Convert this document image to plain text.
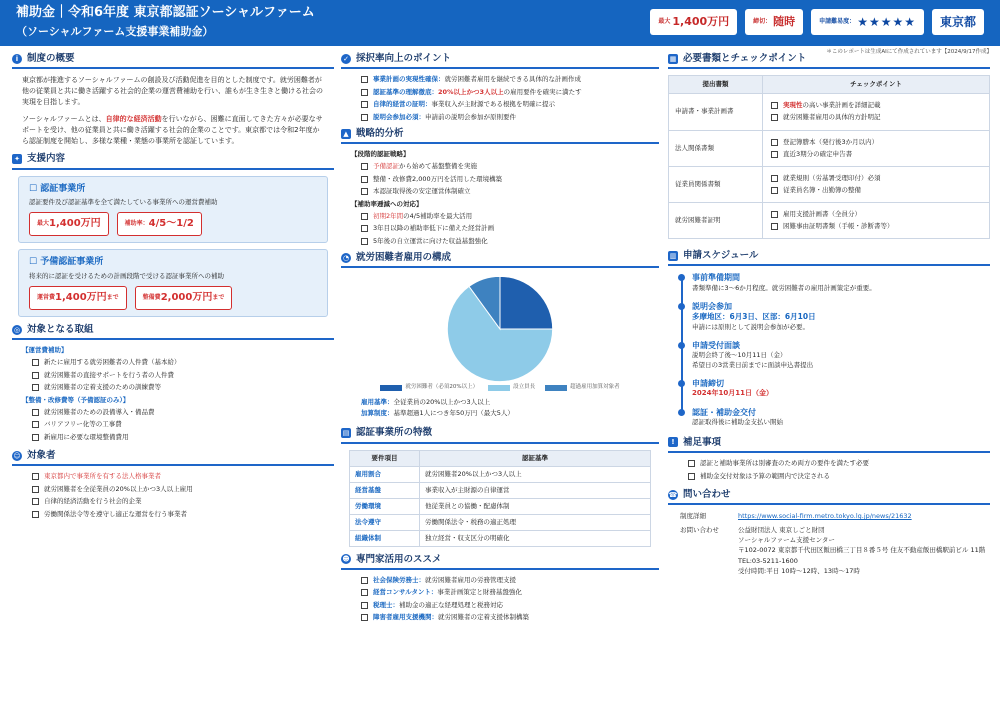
補助金｜令和6年度 東京都認証ソーシャルファーム
（ソーシャルファーム支援事業補助金）
最大 1,400万円	締切： 随時	申請難易度： ★★★★★	東京都
＊このレポートは生成AIにて作成されています【2024/9/17作成】
i 制度の概要

東京都が推進するソーシャルファームの創設及び活動促進を目的とした制度です。就労困難者が他の従業員と共に働き活躍する社会的企業の運営費補助を行い、誰もが生き生きと働ける社会の実現を目指します。

ソーシャルファームとは、自律的な経済活動を行いながら、困難に直面してきた方々が必要なサポートを受け、他の従業員と共に働き活躍する社会的企業のことです。東京都では令和2年度から認証制度を開始し、多様な業種・業態の事業所を認証しています。

✦ 支援内容
☐ 認証事業所
認証要件及び認証基準を全て満たしている事業所への運営費補助
最大 1,400万円	補助率： 4/5〜1/2
☐ 予備認証事業所
将来的に認証を受けるための計画段階で受ける認証事業所への補助
運営費 1,400万円 まで	整備費 2,000万円 まで
◎ 対象となる取組
【運営費補助】
新たに雇用する就労困難者の人件費（基本給）
就労困難者の直接サポートを行う者の人件費
就労困難者の定着支援のための訓練費等
【整備・改修費等（予備認証のみ）】
就労困難者のための設備導入・備品費
バリアフリー化等の工事費
新雇用に必要な環境整備費用
☺ 対象者
東京都内で事業所を有する法人格事業者
就労困難者を全従業員の20%以上かつ3人以上雇用
自律的経済活動を行う社会的企業
労働関係法令等を遵守し適正な運営を行う事業者
✓ 採択率向上のポイント
事業計画の実現性確保：就労困難者雇用を継続できる具体的な計画作成
認証基準の理解徹底：20%以上かつ3人以上の雇用要件を確実に満たす
自律的経営の証明：事業収入が主財源である根拠を明確に提示
説明会参加必須：申請前の説明会参加が原則要件
▲ 戦略的分析
【段階的認証戦略】
予備認証から始めて基盤整備を実施
整備・改修費2,000万円を活用した環境構築
本認証取得後の安定運営体制確立
【補助率逓減への対応】
初期2年間の4/5補助率を最大活用
3年目以降の補助率低下に備えた経営計画
5年後の自立運営に向けた収益基盤強化
◔ 就労困難者雇用の構成
就労困難者（必須20%以上）	設立員長	超過雇用加算対象者
雇用基準：全従業員の20%以上かつ3人以上
加算制度：基準超過1人につき年50万円（最大5人）
▤ 認証事業所の特徴
要件項目	認証基準
雇用割合	就労困難者20%以上かつ3人以上
経営基盤	事業収入が主財源の自律運営
労働環境	他従業員との協働・配慮体制
法令遵守	労働関係法令・税務の適正処理
組織体制	独立経営・収支区分の明確化
☻ 専門家活用のススメ
社会保険労務士：就労困難者雇用の労務管理支援
経営コンサルタント：事業計画策定と財務基盤強化
税理士：補助金の適正な経理処理と税務対応
障害者雇用支援機関：就労困難者の定着支援体制構築
▦ 必要書類とチェックポイント
提出書類	チェックポイント
申請書・事業計画書	実現性の高い事業計画を詳細記載
就労困難者雇用の具体的方針明記

法人関係書類	登記簿謄本（発行後3か月以内）
直近3期分の確定申告書

従業員関係書類	就業規則（労基署受理印付）必須
従業員名簿・出勤簿の整備

就労困難者証明	雇用支援計画書（全員分）
困難事由証明書類（手帳・診断書等）
▥ 申請スケジュール
事前準備期間
書類準備に3〜6か月程度。就労困難者の雇用計画策定が重要。
説明会参加
多摩地区：6月3日、区部：6月10日
申請には原則として説明会参加が必要。
申請受付面談
説明会終了後〜10月11日（金）
希望日の3営業日前までに面談申込書提出
申請締切
2024年10月11日（金）
認証・補助金交付
認証取得後に補助金支払い開始
! 補足事項
認証と補助事業所は別審査のため両方の要件を満たす必要
補助金交付対象は予算の範囲内で決定される
☎ 問い合わせ
制度詳細	https://www.social-firm.metro.tokyo.lg.jp/news/21632
お問い合わせ	公益財団法人 東京しごと財団
ソーシャルファーム支援センター
〒102-0072 東京都千代田区飯田橋三丁目８番５号 住友不動産飯田橋駅前ビル 11階
TEL:03-5211-1600
受付時間:平日 10時〜12時、13時〜17時
